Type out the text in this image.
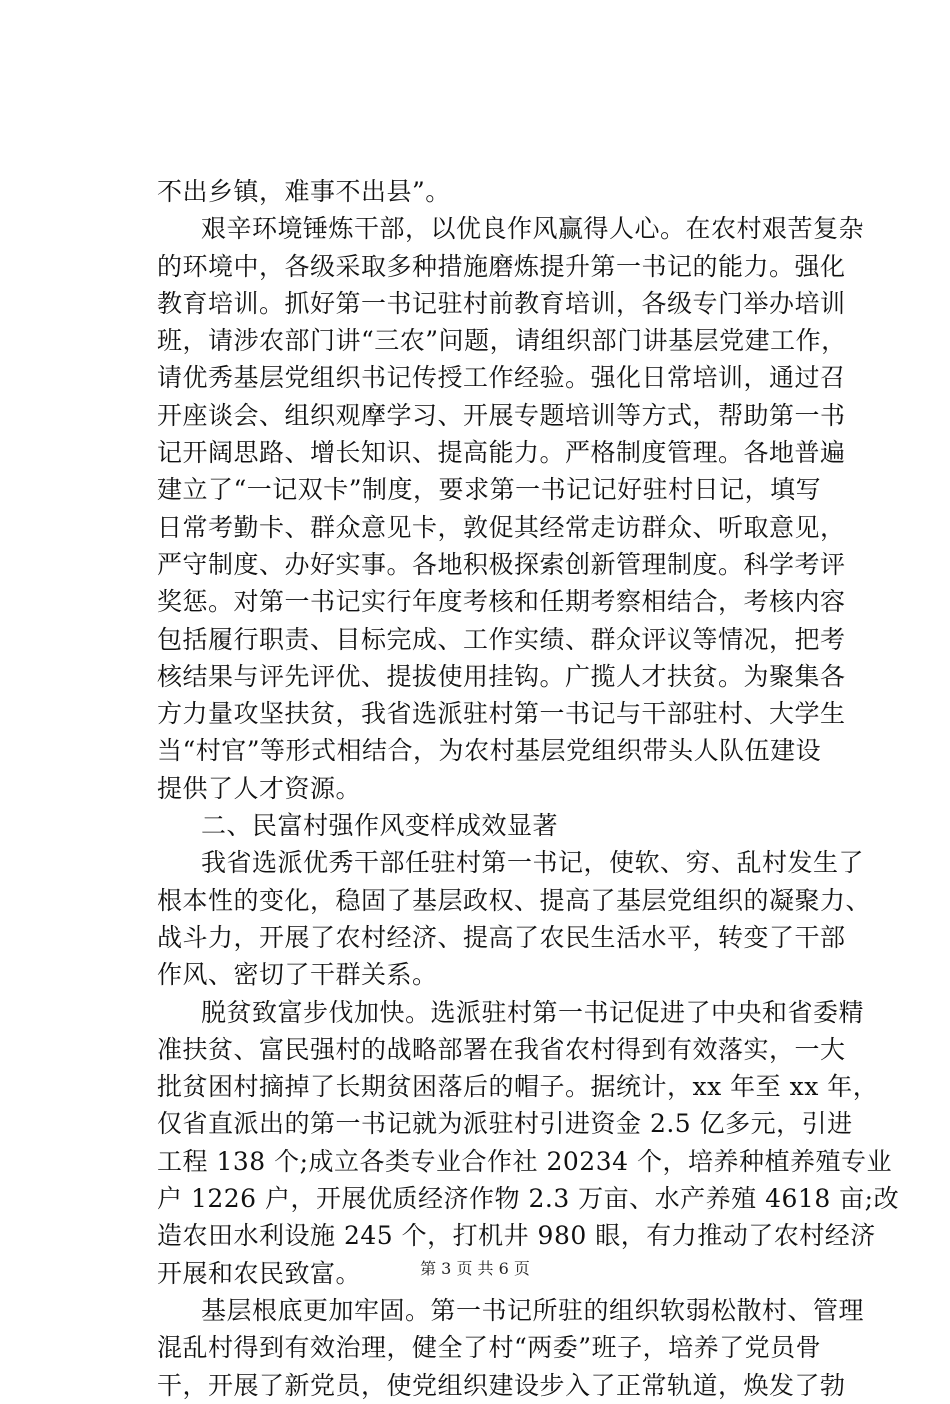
不出乡镇，难事不出县”。
艰辛环境锤炼干部，以优良作风赢得人心。在农村艰苦复杂
的环境中，各级采取多种措施磨炼提升第一书记的能力。强化
教育培训。抓好第一书记驻村前教育培训，各级专门举办培训
班，请涉农部门讲“三农”问题，请组织部门讲基层党建工作，
请优秀基层党组织书记传授工作经验。强化日常培训，通过召
开座谈会、组织观摩学习、开展专题培训等方式，帮助第一书
记开阔思路、增长知识、提高能力。严格制度管理。各地普遍
建立了“一记双卡”制度，要求第一书记记好驻村日记，填写
日常考勤卡、群众意见卡，敦促其经常走访群众、听取意见，
严守制度、办好实事。各地积极探索创新管理制度。科学考评
奖惩。对第一书记实行年度考核和任期考察相结合，考核内容
包括履行职责、目标完成、工作实绩、群众评议等情况，把考
核结果与评先评优、提拔使用挂钩。广揽人才扶贫。为聚集各
方力量攻坚扶贫，我省选派驻村第一书记与干部驻村、大学生
当“村官”等形式相结合，为农村基层党组织带头人队伍建设
提供了人才资源。
二、民富村强作风变样成效显著
我省选派优秀干部任驻村第一书记，使软、穷、乱村发生了
根本性的变化，稳固了基层政权、提高了基层党组织的凝聚力、
战斗力，开展了农村经济、提高了农民生活水平，转变了干部
作风、密切了干群关系。
脱贫致富步伐加快。选派驻村第一书记促进了中央和省委精
准扶贫、富民强村的战略部署在我省农村得到有效落实，一大
批贫困村摘掉了长期贫困落后的帽子。据统计，xx 年至 xx 年，
仅省直派出的第一书记就为派驻村引进资金 2.5 亿多元，引进
工程 138 个;成立各类专业合作社 20234 个，培养种植养殖专业
户 1226 户，开展优质经济作物 2.3 万亩、水产养殖 4618 亩;改
造农田水利设施 245 个，打机井 980 眼，有力推动了农村经济
开展和农民致富。
基层根底更加牢固。第一书记所驻的组织软弱松散村、管理
混乱村得到有效治理，健全了村“两委”班子，培养了党员骨
干，开展了新党员，使党组织建设步入了正常轨道，焕发了勃
第 3 页 共 6 页
